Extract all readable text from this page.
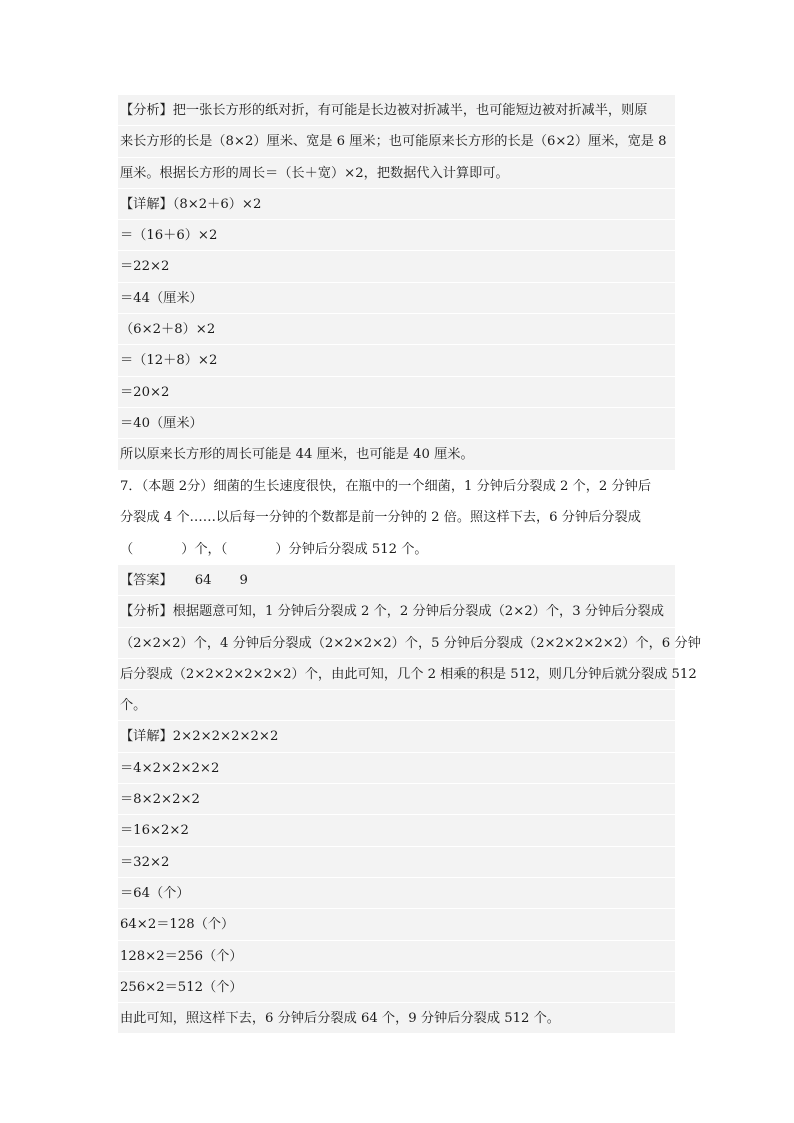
【分析】把一张长方形的纸对折，有可能是长边被对折减半，也可能短边被对折减半，则原
来长方形的长是（8×2）厘米、宽是 6 厘米；也可能原来长方形的长是（6×2）厘米，宽是 8
厘米。根据长方形的周长＝（长＋宽）×2，把数据代入计算即可。
【详解】（8×2＋6）×2
＝（16＋6）×2
＝22×2
＝44（厘米）
（6×2＋8）×2
＝（12＋8）×2
＝20×2
＝40（厘米）
所以原来长方形的周长可能是 44 厘米，也可能是 40 厘米。
7．（本题 2分）细菌的生长速度很快，在瓶中的一个细菌，1 分钟后分裂成 2 个，2 分钟后
分裂成 4 个……以后每一分钟的个数都是前一分钟的 2 倍。照这样下去，6 分钟后分裂成
（	）个，（	）分钟后分裂成 512 个。
【答案】 64 9
【分析】根据题意可知，1 分钟后分裂成 2 个，2 分钟后分裂成（2×2）个，3 分钟后分裂成
（2×2×2）个，4 分钟后分裂成（2×2×2×2）个，5 分钟后分裂成（2×2×2×2×2）个，6 分钟
后分裂成（2×2×2×2×2×2）个，由此可知，几个 2 相乘的积是 512，则几分钟后就分裂成 512
个。
【详解】2×2×2×2×2×2
＝4×2×2×2×2
＝8×2×2×2
＝16×2×2
＝32×2
＝64（个）
64×2＝128（个）
128×2＝256（个）
256×2＝512（个）
由此可知，照这样下去，6 分钟后分裂成 64 个，9 分钟后分裂成 512 个。
